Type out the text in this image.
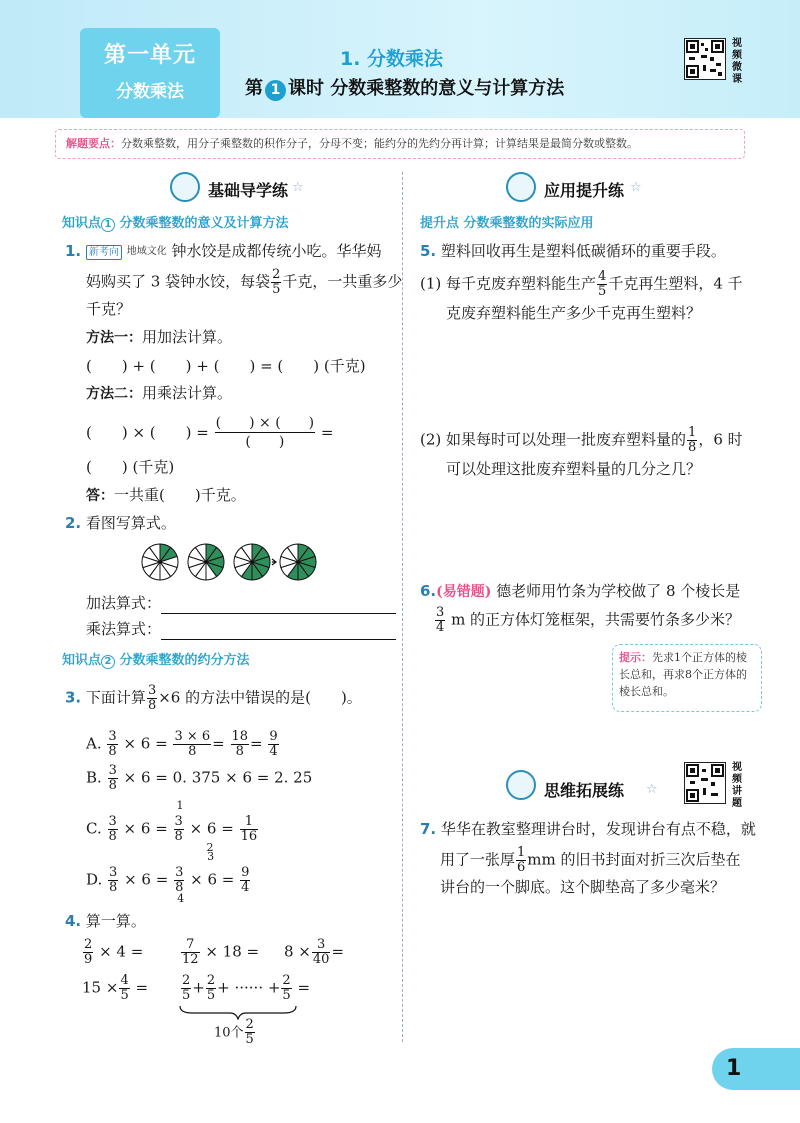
第一单元
分数乘法
1. 分数乘法
第 1 课时 分数乘整数的意义与计算方法
视频微课
解题要点：分数乘整数，用分子乘整数的积作分子，分母不变；能约分的先约分再计算；计算结果是最简分数或整数。
基础导学练 ☆
知识点 1 分数乘整数的意义及计算方法
1. 新考向 地域文化 钟水饺是成都传统小吃。华华妈
妈购买了 3 袋钟水饺，每袋 $\frac{2}{5}$ 千克，一共重多少
千克？
方法一：用加法计算。
(　　) + (　　) + (　　) = (　　) (千克)
方法二：用乘法计算。
(　　) × (　　) = $\frac{( ) \times ( )}{( )}$ =
(　　) (千克)
答：一共重(　　)千克。
2. 看图写算式。
加法算式：
乘法算式：
知识点 2 分数乘整数的约分方法
3. 下面计算 $\frac{3}{8} \times 6$ 的方法中错误的是(　　)。
A. $\frac{3}{8} \times 6 = \frac{3 \times 6}{8} = \frac{18}{8} = \frac{9}{4}$
B. $\frac{3}{8} \times 6 = 0$. 375 × 6 = 2. 25
C. $\frac{3}{8} \times 6$ =
1
2
$\frac{3}{8} \times 6 = \frac{1}{16}$
D. $\frac{3}{8} \times 6$ =
3
4
$\frac{3}{8} \times 6 = \frac{9}{4}$
4. 算一算。
$\frac{2}{9} \times 4$ =	$\frac{7}{12} \times 18 = 8 \times \frac{3}{40}$ =
$15 \times \frac{4}{5}$ =	$\frac{2}{5} + \frac{2}{5}$ + ······ + $\frac{2}{5}$ =
10个 $\frac{2}{5}$
应用提升练 ☆
提升点 分数乘整数的实际应用
5. 塑料回收再生是塑料低碳循环的重要手段。
(1) 每千克废弃塑料能生产 $\frac{4}{5}$ 千克再生塑料，4 千
克废弃塑料能生产多少千克再生塑料？
(2) 如果每时可以处理一批废弃塑料量的 $\frac{1}{8}$ ，6 时
可以处理这批废弃塑料量的几分之几？
6.(易错题) 德老师用竹条为学校做了 8 个棱长是
$\frac{3}{4}$ m 的正方体灯笼框架，共需要竹条多少米？
提示：先求1个正方体的棱长总和，再求8个正方体的棱长总和。
思维拓展练 ☆
视频讲题
7. 华华在教室整理讲台时，发现讲台有点不稳，就
用了一张厚 $\frac{1}{6}$ mm 的旧书封面对折三次后垫在
讲台的一个脚底。这个脚垫高了多少毫米？
1
